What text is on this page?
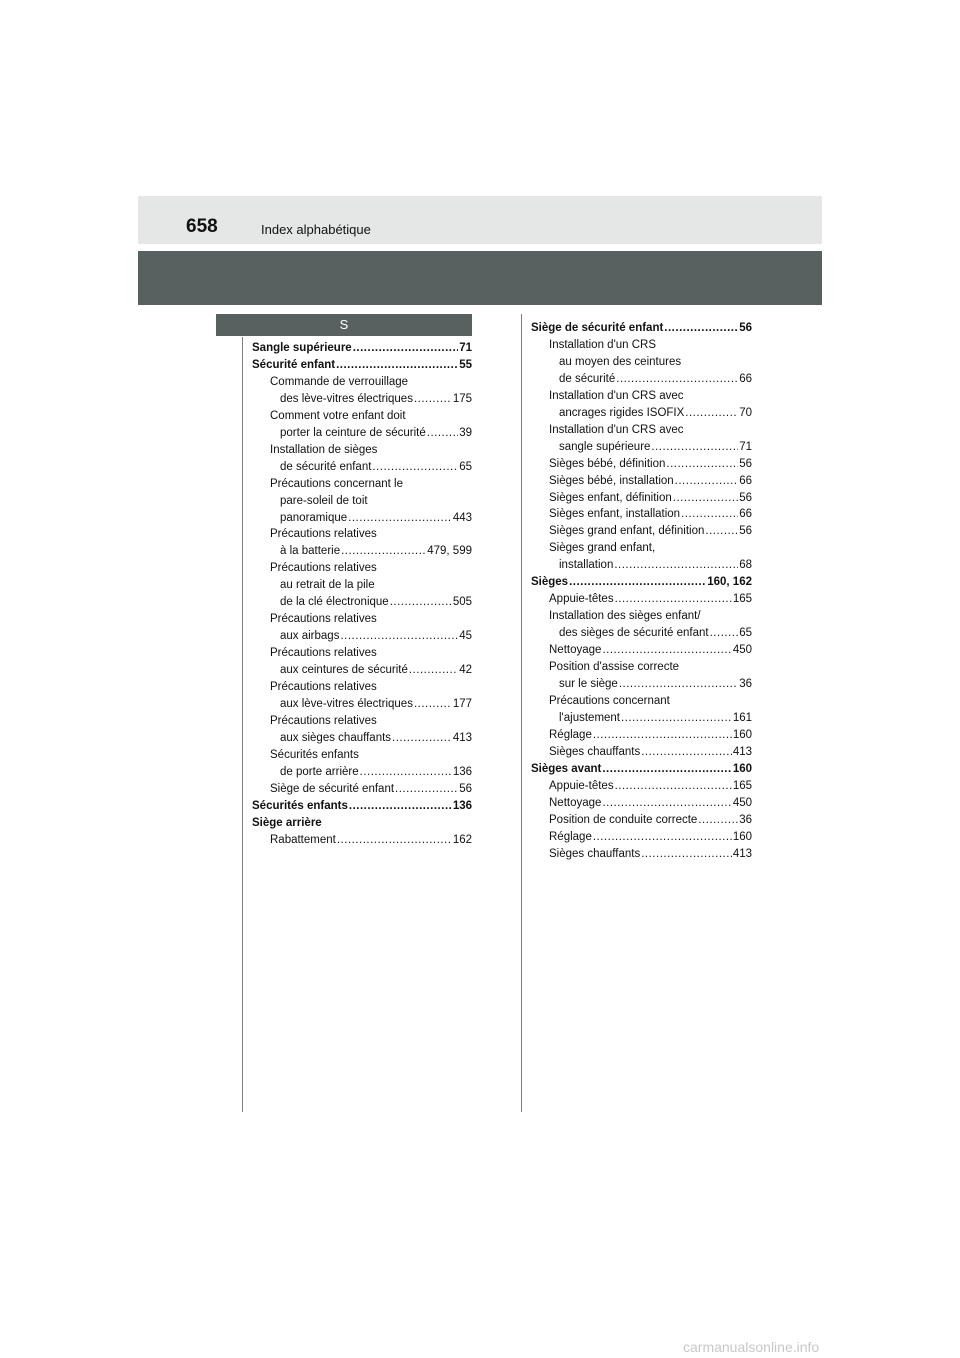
658	Index alphabétique
S
Sangle supérieure .....	71
Sécurité enfant .....	55
Commande de verrouillage
des lève-vitres électriques .....	175
Comment votre enfant doit
porter la ceinture de sécurité .....	39
Installation de sièges
de sécurité enfant .....	65
Précautions concernant le
pare-soleil de toit
panoramique .....	443
Précautions relatives
à la batterie .....	479, 599
Précautions relatives
au retrait de la pile
de la clé électronique .....	505
Précautions relatives
aux airbags .....	45
Précautions relatives
aux ceintures de sécurité .....	42
Précautions relatives
aux lève-vitres électriques .....	177
Précautions relatives
aux sièges chauffants .....	413
Sécurités enfants
de porte arrière .....	136
Siège de sécurité enfant .....	56
Sécurités enfants .....	136
Siège arrière
Rabattement .....	162
Siège de sécurité enfant .....	56
Installation d'un CRS
au moyen des ceintures
de sécurité .....	66
Installation d'un CRS avec
ancrages rigides ISOFIX .....	70
Installation d'un CRS avec
sangle supérieure .....	71
Sièges bébé, définition .....	56
Sièges bébé, installation .....	66
Sièges enfant, définition .....	56
Sièges enfant, installation .....	66
Sièges grand enfant, définition .....	56
Sièges grand enfant,
installation .....	68
Sièges .....	160, 162
Appuie-têtes .....	165
Installation des sièges enfant/
des sièges de sécurité enfant .....	65
Nettoyage .....	450
Position d'assise correcte
sur le siège .....	36
Précautions concernant
l'ajustement .....	161
Réglage .....	160
Sièges chauffants .....	413
Sièges avant .....	160
Appuie-têtes .....	165
Nettoyage .....	450
Position de conduite correcte .....	36
Réglage .....	160
Sièges chauffants .....	413
carmanualsonline.info
